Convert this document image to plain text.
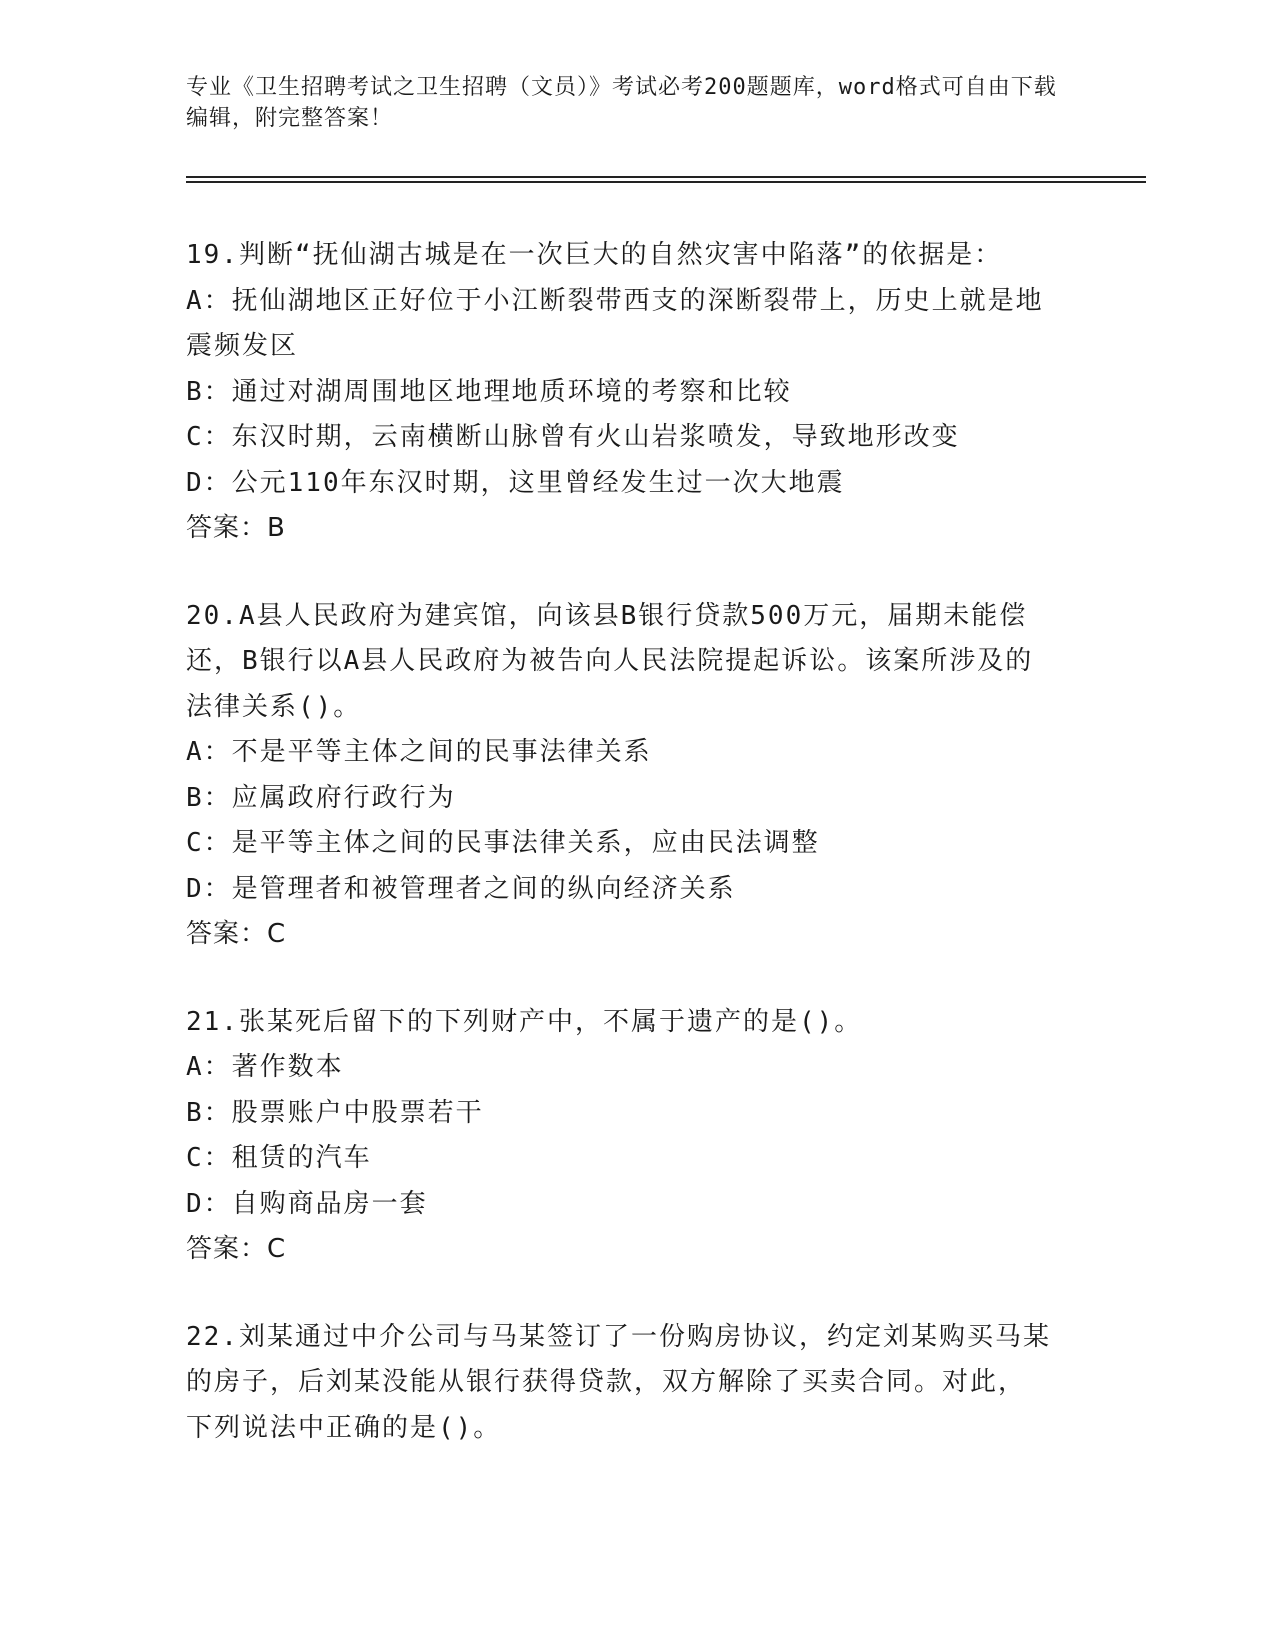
专业《卫生招聘考试之卫生招聘（文员）》考试必考200题题库，word格式可自由下载编辑，附完整答案！

19.判断“抚仙湖古城是在一次巨大的自然灾害中陷落”的依据是：

A：抚仙湖地区正好位于小江断裂带西支的深断裂带上，历史上就是地

震频发区

B：通过对湖周围地区地理地质环境的考察和比较

C：东汉时期，云南横断山脉曾有火山岩浆喷发，导致地形改变

D：公元110年东汉时期，这里曾经发生过一次大地震

答案：B

20.A县人民政府为建宾馆，向该县B银行贷款500万元，届期未能偿

还，B银行以A县人民政府为被告向人民法院提起诉讼。该案所涉及的

法律关系()。

A：不是平等主体之间的民事法律关系

B：应属政府行政行为

C：是平等主体之间的民事法律关系，应由民法调整

D：是管理者和被管理者之间的纵向经济关系

答案：C

21.张某死后留下的下列财产中，不属于遗产的是()。

A：著作数本

B：股票账户中股票若干

C：租赁的汽车

D：自购商品房一套

答案：C

22.刘某通过中介公司与马某签订了一份购房协议，约定刘某购买马某

的房子，后刘某没能从银行获得贷款，双方解除了买卖合同。对此，

下列说法中正确的是()。
